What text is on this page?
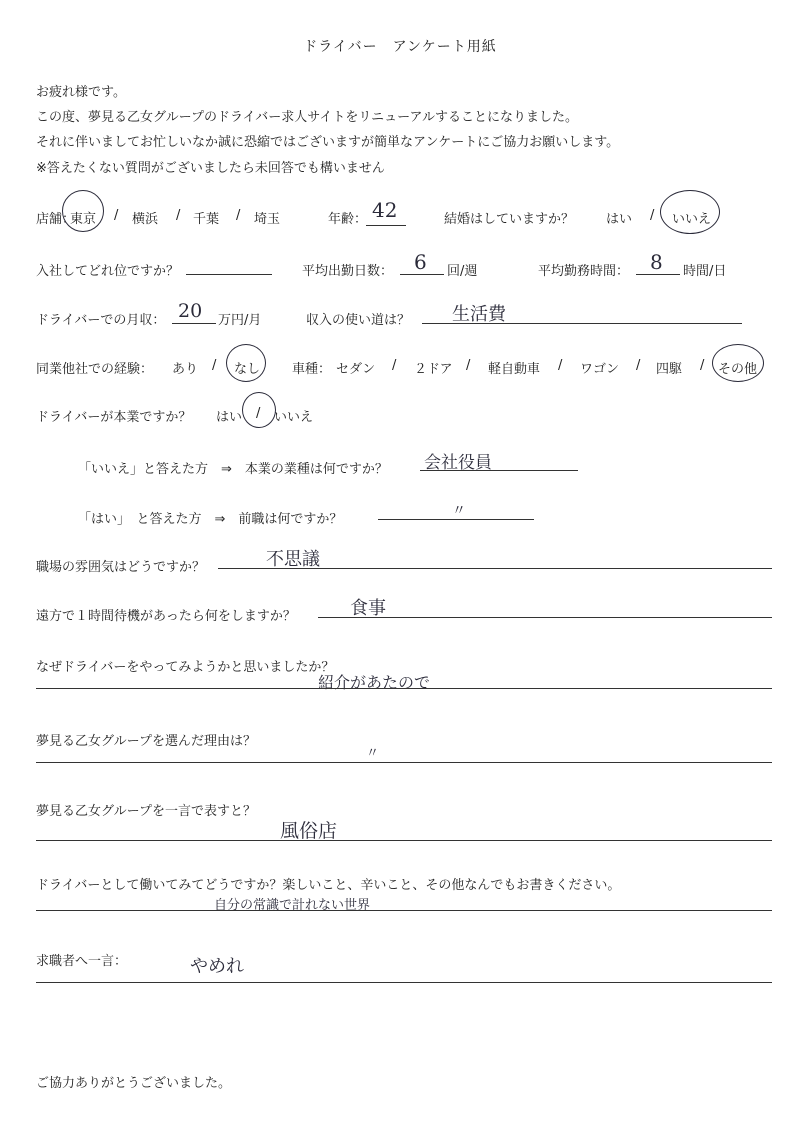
ドライバー　アンケート用紙
お疲れ様です。
この度、夢見る乙女グループのドライバー求人サイトをリニューアルすることになりました。
それに伴いましてお忙しいなか誠に恐縮ではございますが簡単なアンケートにご協力お願いします。
※答えたくない質問がございましたら未回答でも構いません
店舗：
東京 / 横浜 / 千葉 / 埼玉	年齢： 42	結婚はしていますか？ はい / いいえ
入社してどれ位ですか？	平均出勤日数： 6 回/週	平均勤務時間： 8 時間/日
ドライバーでの月収： 20 万円/月	収入の使い道は？ 生活費
同業他社での経験： あり / なし 車種： セダン / ２ドア / 軽自動車 / ワゴン / 四駆 / その他
ドライバーが本業ですか？ はい / いいえ
「いいえ」と答えた方　⇒　本業の業種は何ですか？ 会社役員
「はい」　と答えた方　⇒　前職は何ですか？
〃
職場の雰囲気はどうですか？	不思議
遠方で１時間待機があったら何をしますか？	食事
なぜドライバーをやってみようかと思いましたか？
紹介があたので
夢見る乙女グループを選んだ理由は？
〃
夢見る乙女グループを一言で表すと？
風俗店
ドライバーとして働いてみてどうですか？楽しいこと、辛いこと、その他なんでもお書きください。
自分の常識で計れない世界
求職者へ一言：	やめれ
ご協力ありがとうございました。
